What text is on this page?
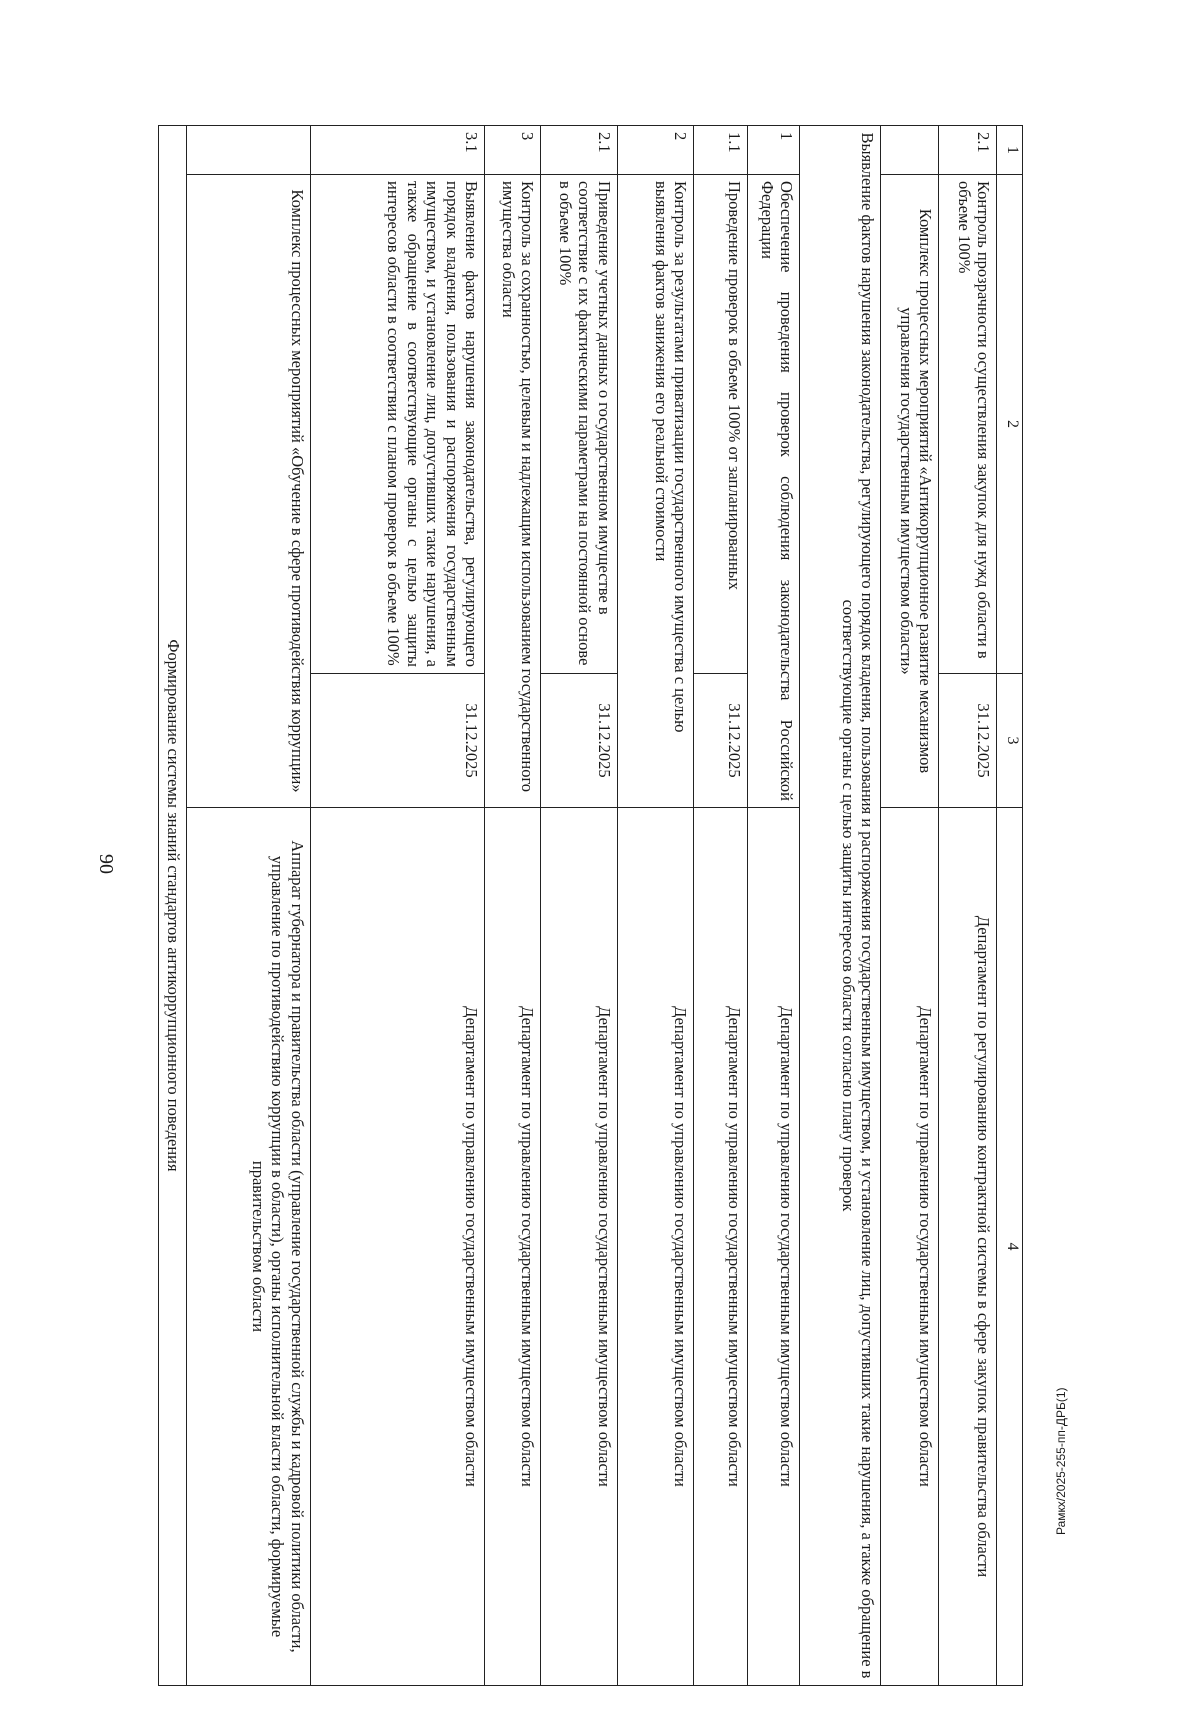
90
1	2	3	4
2.1	Контроль прозрачности осуществления закупок для нужд области в объеме 100%	31.12.2025	Департамент по регулированию контрактной системы в сфере закупок правительства области
	Комплекс процессных мероприятий «Антикоррупционное развитие механизмов управления государственным имуществом области»		Департамент по управлению государственным имуществом области
Выявление фактов нарушения законодательства, регулирующего порядок владения, пользования и распоряжения государственным имуществом, и установление лиц, допустивших такие нарушения, а также обращение в соответствующие органы с целью защиты интересов области согласно плану проверок			
1	Обеспечение проведения проверок соблюдения законодательства Российской Федерации		Департамент по управлению государственным имуществом области
1.1	Проведение проверок в объеме 100% от запланированных	31.12.2025	Департамент по управлению государственным имуществом области
2	Контроль за результатами приватизации государственного имущества с целью выявления фактов занижения его реальной стоимости		Департамент по управлению государственным имуществом области
2.1	Приведение учетных данных о государственном имуществе в соответствие с их фактическими параметрами на постоянной основе в объеме 100%	31.12.2025	Департамент по управлению государственным имуществом области
3	Контроль за сохранностью, целевым и надлежащим использованием государственного имущества области		Департамент по управлению государственным имуществом области
3.1	Выявление фактов нарушения законодательства, регулирующего порядок владения, пользования и распоряжения государственным имуществом, и установление лиц, допустивших такие нарушения, а также обращение в соответствующие органы с целью защиты интересов области в соответствии с планом проверок в объеме 100%	31.12.2025	Департамент по управлению государственным имуществом области
	Комплекс процессных мероприятий «Обучение в сфере противодействия коррупции»		Аппарат губернатора и правительства области (управление государственной службы и кадровой политики области, управление по противодействию коррупции в области), органы исполнительной власти области, формируемые правительством области
Формирование системы знаний стандартов антикоррупционного поведения			
Рамкх/2025-255-пп-ДРБ(1)
